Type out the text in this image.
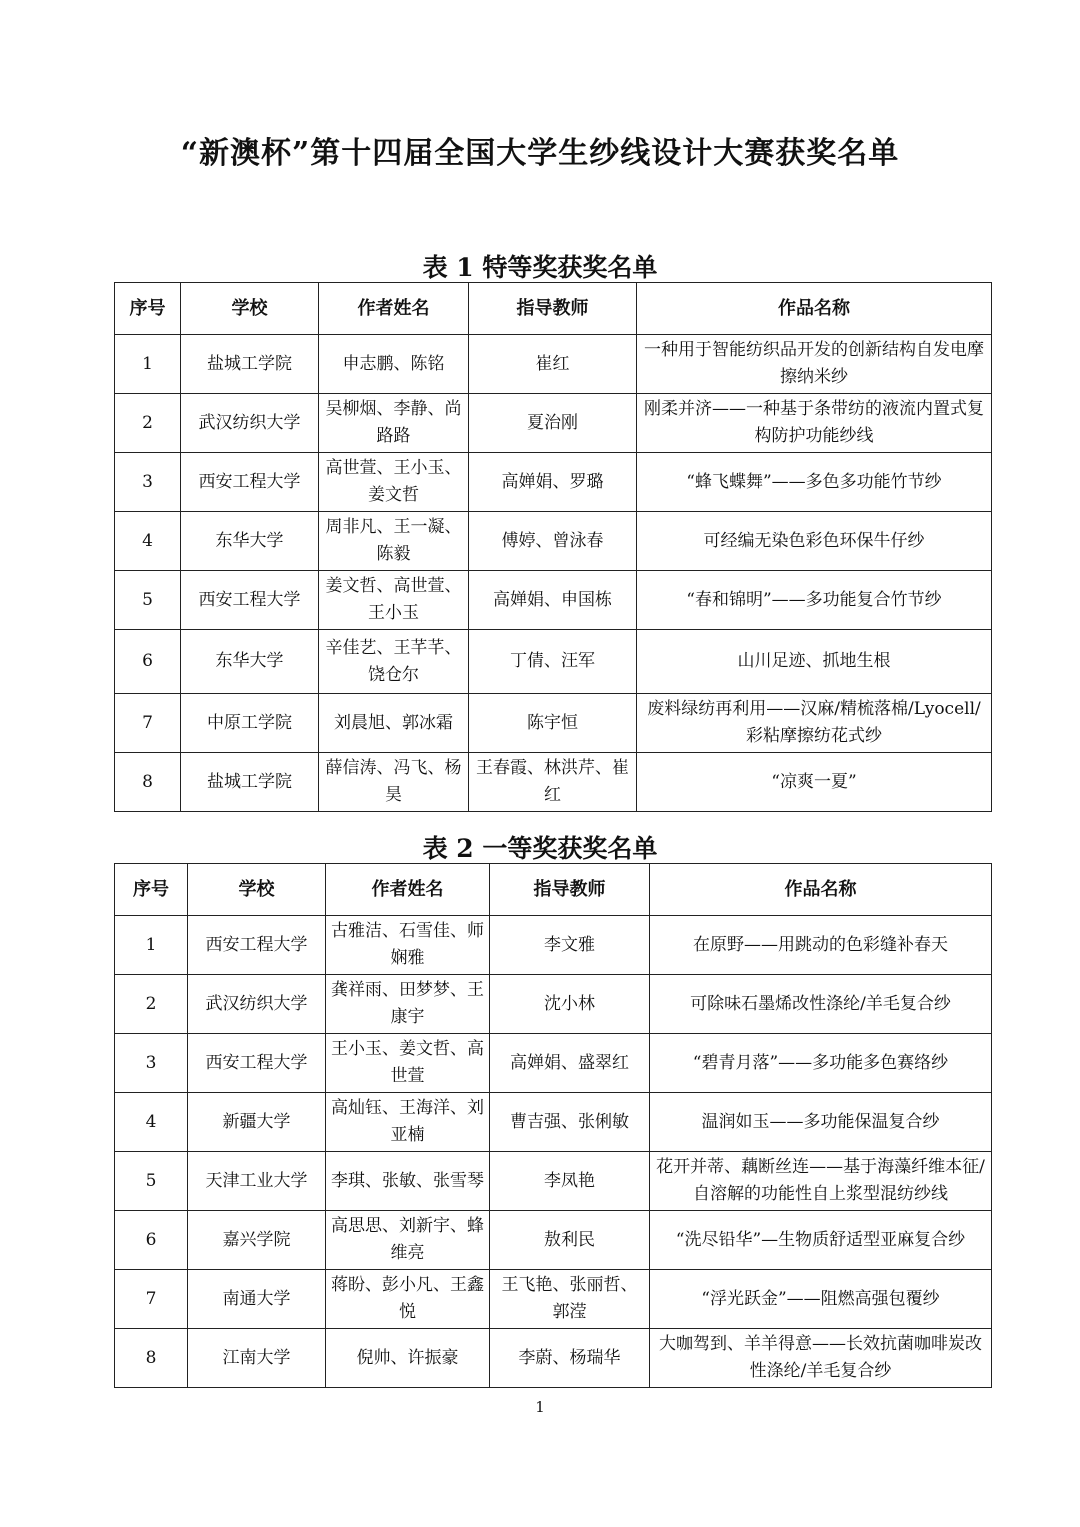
“新澳杯”第十四届全国大学生纱线设计大赛获奖名单
表 1 特等奖获奖名单
序号	学校	作者姓名	指导教师	作品名称
1	盐城工学院	申志鹏、陈铭	崔红	一种用于智能纺织品开发的创新结构自发电摩擦纳米纱
2	武汉纺织大学	吴柳烟、李静、尚路路	夏治刚	刚柔并济——一种基于条带纺的液流内置式复构防护功能纱线
3	西安工程大学	高世萱、王小玉、姜文哲	高婵娟、罗璐	“蜂飞蝶舞”——多色多功能竹节纱
4	东华大学	周非凡、王一凝、陈毅	傅婷、曾泳春	可经编无染色彩色环保牛仔纱
5	西安工程大学	姜文哲、高世萱、王小玉	高婵娟、申国栋	“春和锦明”——多功能复合竹节纱
6	东华大学	辛佳艺、王芊芊、饶仓尔	丁倩、汪军	山川足迹、抓地生根
7	中原工学院	刘晨旭、郭冰霜	陈宇恒	废料绿纺再利用——汉麻/精梳落棉/Lyocell/彩粘摩擦纺花式纱
8	盐城工学院	薛信涛、冯飞、杨昊	王春霞、林洪芹、崔红	“凉爽一夏”
表 2 一等奖获奖名单
序号	学校	作者姓名	指导教师	作品名称
1	西安工程大学	古雅洁、石雪佳、师娴雅	李文雅	在原野——用跳动的色彩缝补春天
2	武汉纺织大学	龚祥雨、田梦梦、王康宇	沈小林	可除味石墨烯改性涤纶/羊毛复合纱
3	西安工程大学	王小玉、姜文哲、高世萱	高婵娟、盛翠红	“碧青月落”——多功能多色赛络纱
4	新疆大学	高灿钰、王海洋、刘亚楠	曹吉强、张俐敏	温润如玉——多功能保温复合纱
5	天津工业大学	李琪、张敏、张雪琴	李凤艳	花开并蒂、藕断丝连——基于海藻纤维本征/自溶解的功能性自上浆型混纺纱线
6	嘉兴学院	高思思、刘新宇、蜂维亮	敖利民	“洗尽铅华”—生物质舒适型亚麻复合纱
7	南通大学	蒋盼、彭小凡、王鑫悦	王飞艳、张丽哲、郭滢	“浮光跃金”——阻燃高强包覆纱
8	江南大学	倪帅、许振豪	李蔚、杨瑞华	大咖驾到、羊羊得意——长效抗菌咖啡炭改性涤纶/羊毛复合纱
1
